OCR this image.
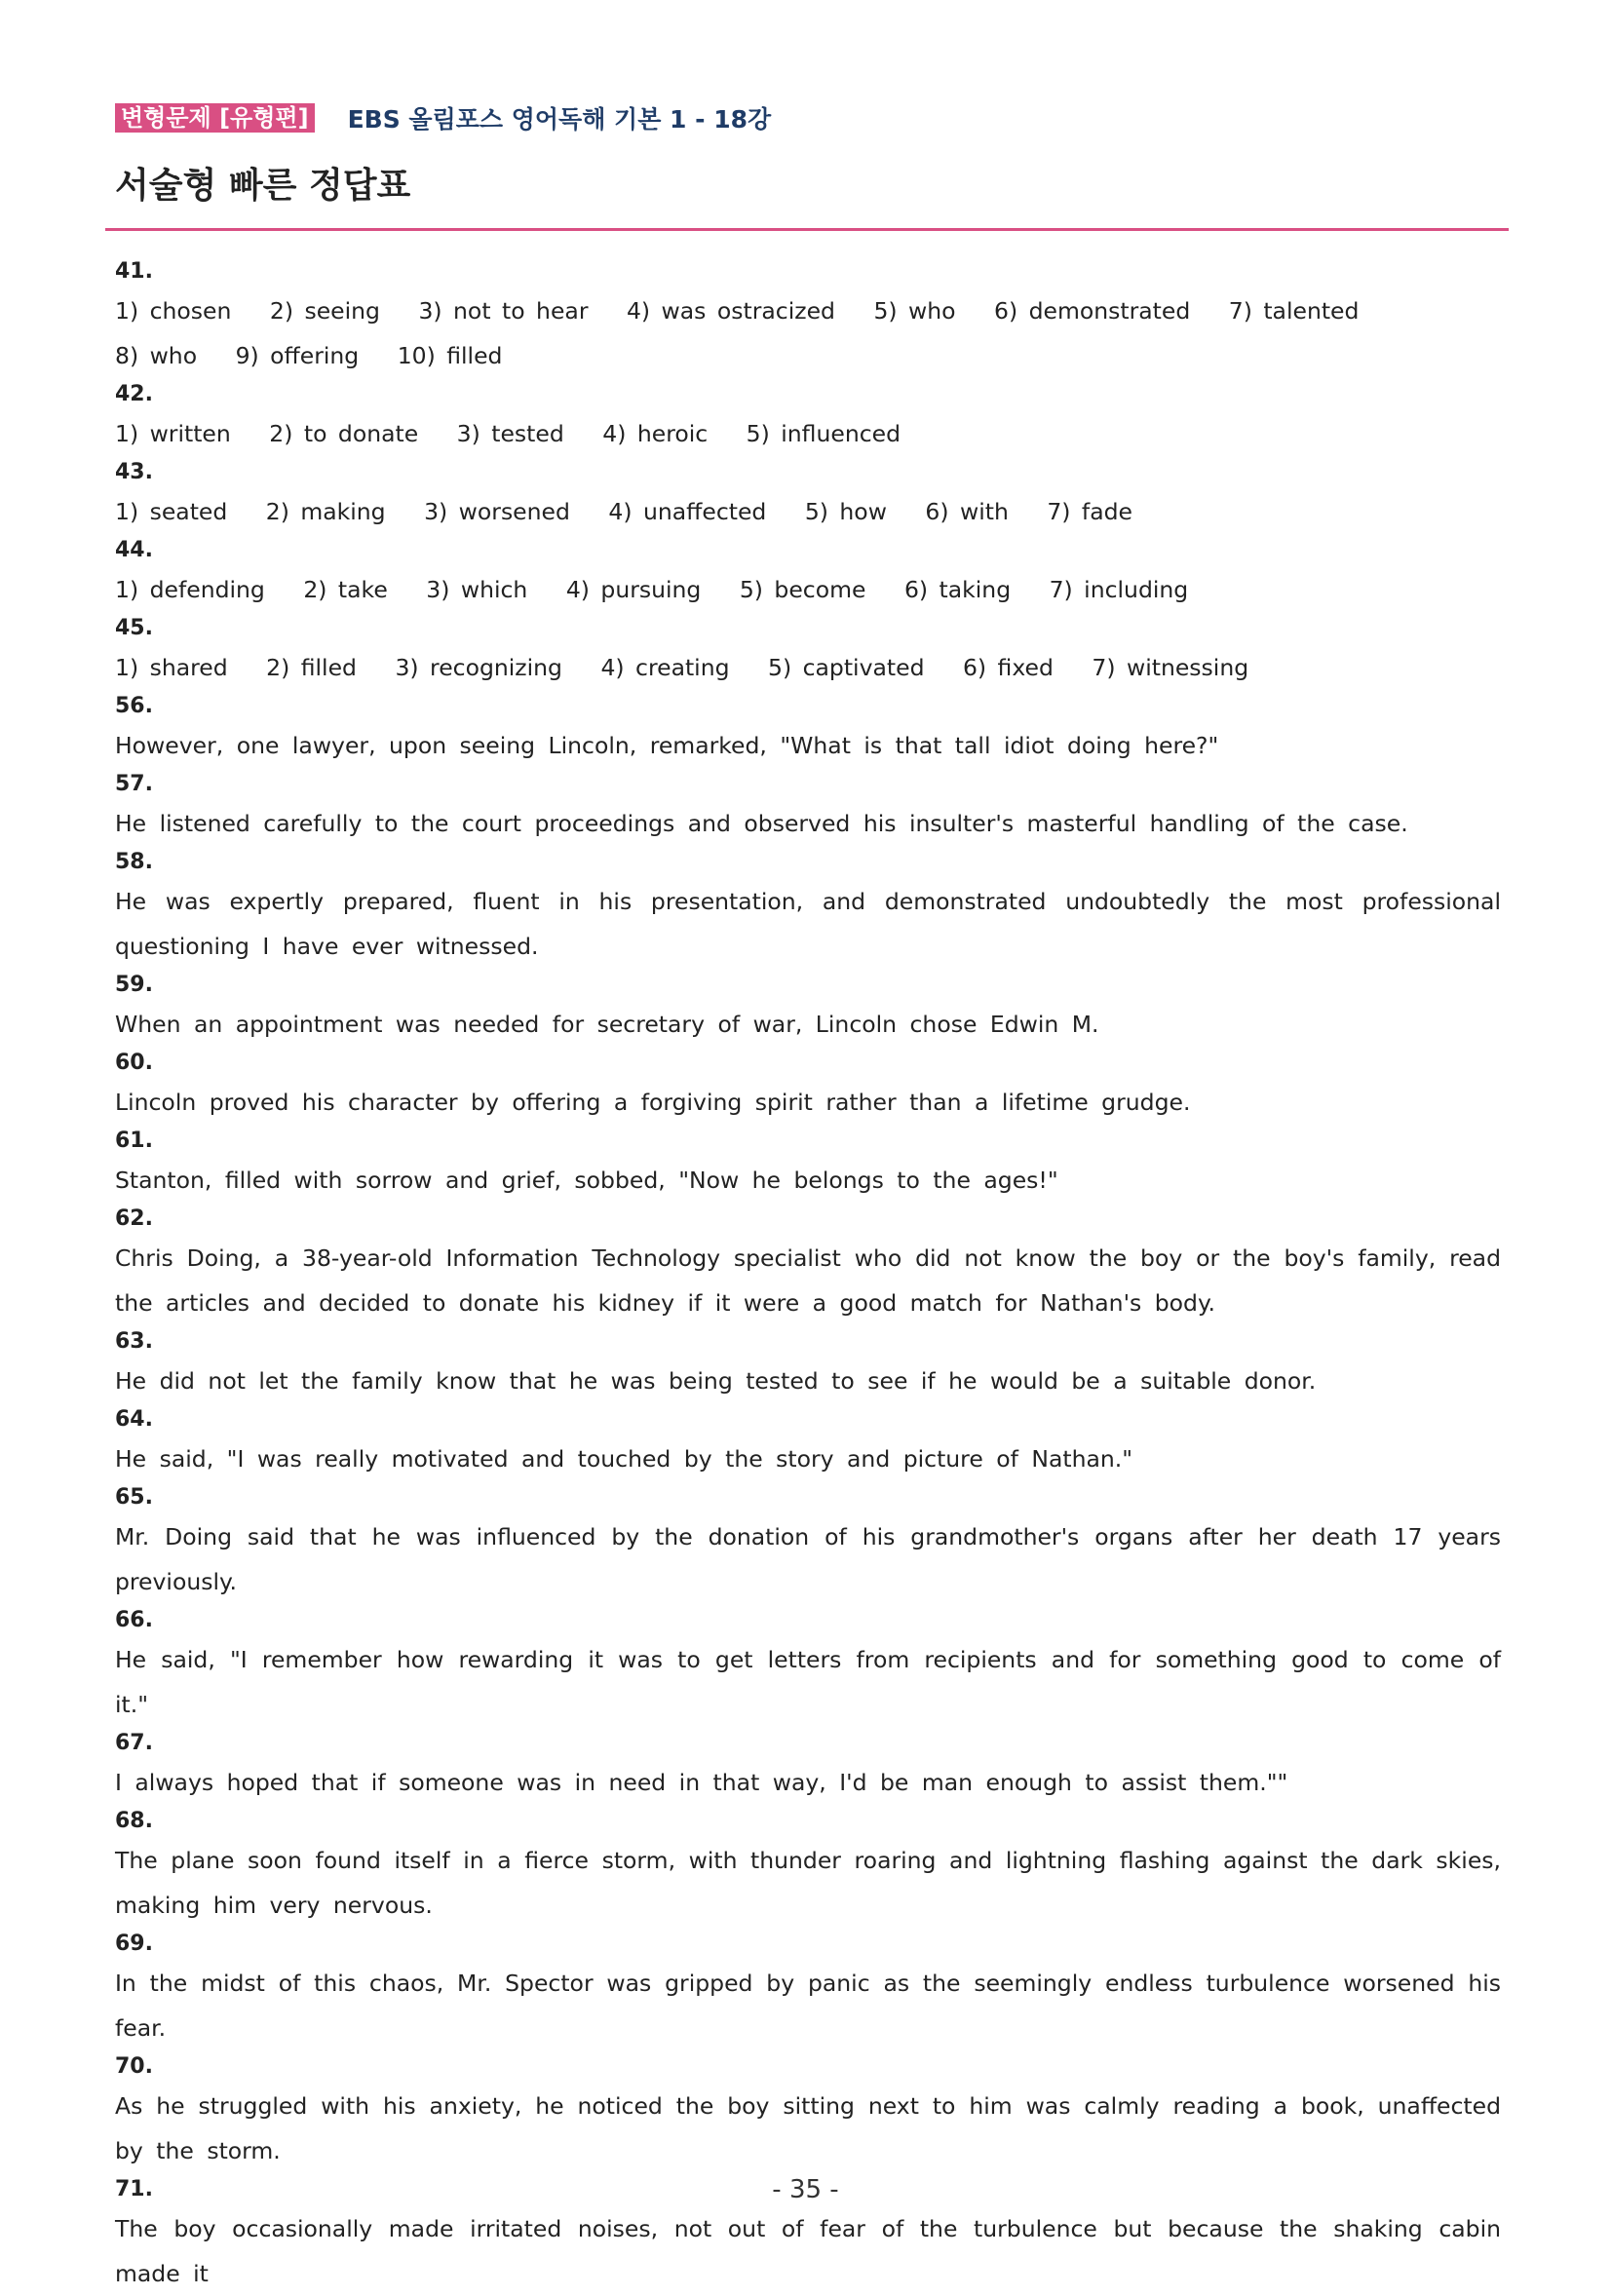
변형문제 [유형편] EBS 올림포스 영어독해 기본 1 - 18강
서술형 빠른 정답표
41.
1) chosen 2) seeing 3) not to hear 4) was ostracized 5) who 6) demonstrated 7) talented 8) who 9) offering 10) filled
42.
1) written 2) to donate 3) tested 4) heroic 5) influenced
43.
1) seated 2) making 3) worsened 4) unaffected 5) how 6) with 7) fade
44.
1) defending 2) take 3) which 4) pursuing 5) become 6) taking 7) including
45.
1) shared 2) filled 3) recognizing 4) creating 5) captivated 6) fixed 7) witnessing
56.
However, one lawyer, upon seeing Lincoln, remarked, "What is that tall idiot doing here?"
57.
He listened carefully to the court proceedings and observed his insulter's masterful handling of the case.
58.
He was expertly prepared, fluent in his presentation, and demonstrated undoubtedly the most professional questioning I have ever witnessed.
59.
When an appointment was needed for secretary of war, Lincoln chose Edwin M.
60.
Lincoln proved his character by offering a forgiving spirit rather than a lifetime grudge.
61.
Stanton, filled with sorrow and grief, sobbed, "Now he belongs to the ages!"
62.
Chris Doing, a 38-year-old Information Technology specialist who did not know the boy or the boy's family, read the articles and decided to donate his kidney if it were a good match for Nathan's body.
63.
He did not let the family know that he was being tested to see if he would be a suitable donor.
64.
He said, "I was really motivated and touched by the story and picture of Nathan."
65.
Mr. Doing said that he was influenced by the donation of his grandmother's organs after her death 17 years previously.
66.
He said, "I remember how rewarding it was to get letters from recipients and for something good to come of it."
67.
I always hoped that if someone was in need in that way, I'd be man enough to assist them.""
68.
The plane soon found itself in a fierce storm, with thunder roaring and lightning flashing against the dark skies, making him very nervous.
69.
In the midst of this chaos, Mr. Spector was gripped by panic as the seemingly endless turbulence worsened his fear.
70.
As he struggled with his anxiety, he noticed the boy sitting next to him was calmly reading a book, unaffected by the storm.
71.
The boy occasionally made irritated noises, not out of fear of the turbulence but because the shaking cabin made it
- 35 -
